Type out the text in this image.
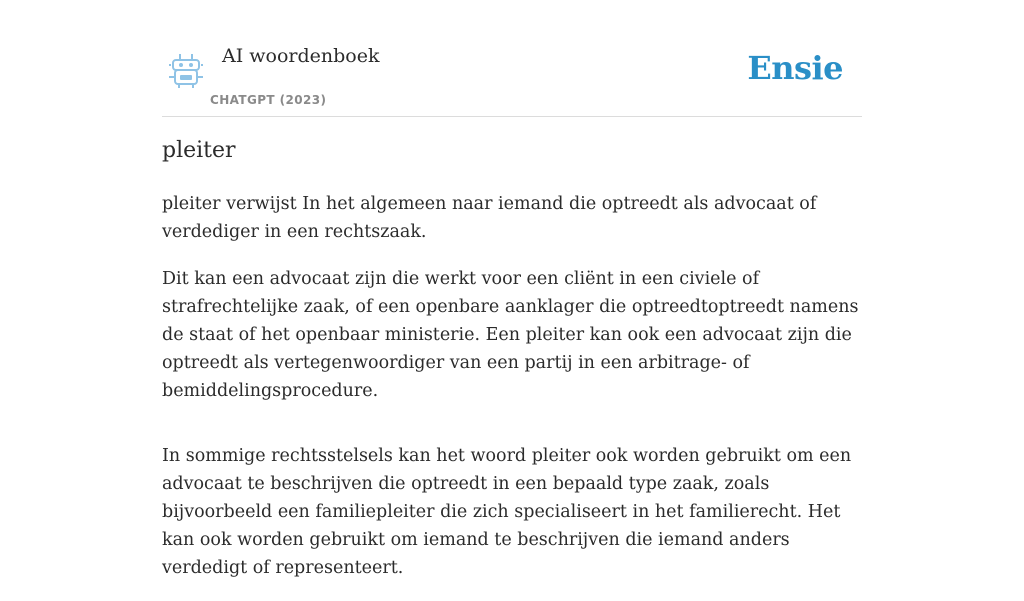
AI woordenboek
CHATGPT (2023)
Ensie
pleiter

pleiter verwijst In het algemeen naar iemand die optreedt als advocaat of verdediger in een rechtszaak.

Dit kan een advocaat zijn die werkt voor een cliënt in een civiele of strafrechtelijke zaak, of een openbare aanklager die optreedtoptreedt namens de staat of het openbaar ministerie. Een pleiter kan ook een advocaat zijn die optreedt als vertegenwoordiger van een partij in een arbitrage- of bemiddelingsprocedure.

In sommige rechtsstelsels kan het woord pleiter ook worden gebruikt om een advocaat te beschrijven die optreedt in een bepaald type zaak, zoals bijvoorbeeld een familiepleiter die zich specialiseert in het familierecht. Het kan ook worden gebruikt om iemand te beschrijven die iemand anders verdedigt of representeert.
